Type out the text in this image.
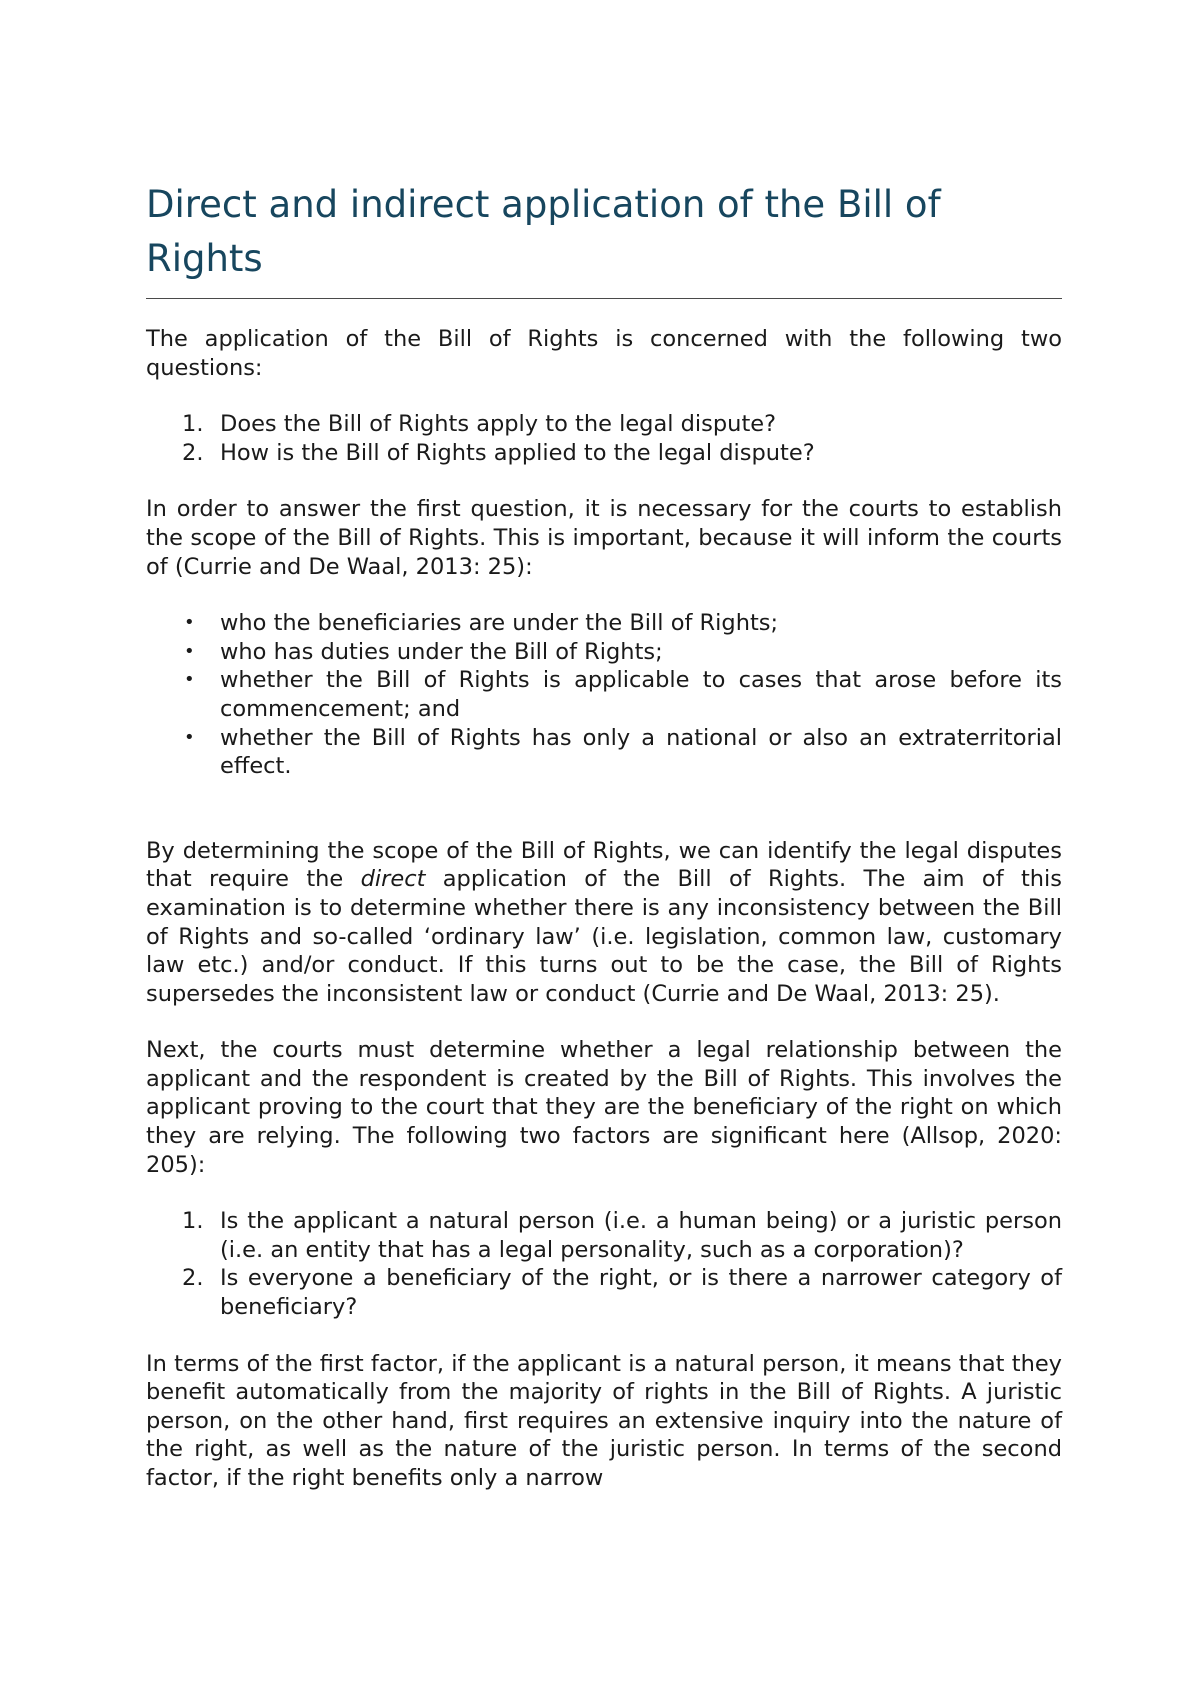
Direct and indirect application of the Bill of Rights

The application of the Bill of Rights is concerned with the following two questions:

1. Does the Bill of Rights apply to the legal dispute?
2. How is the Bill of Rights applied to the legal dispute?

In order to answer the first question, it is necessary for the courts to establish the scope of the Bill of Rights. This is important, because it will inform the courts of (Currie and De Waal, 2013: 25):

• who the beneficiaries are under the Bill of Rights;
• who has duties under the Bill of Rights;
• whether the Bill of Rights is applicable to cases that arose before its commencement; and
• whether the Bill of Rights has only a national or also an extraterritorial effect.

By determining the scope of the Bill of Rights, we can identify the legal disputes that require the direct application of the Bill of Rights. The aim of this examination is to determine whether there is any inconsistency between the Bill of Rights and so-called ‘ordinary law’ (i.e. legislation, common law, customary law etc.) and/or conduct. If this turns out to be the case, the Bill of Rights supersedes the inconsistent law or conduct (Currie and De Waal, 2013: 25).

Next, the courts must determine whether a legal relationship between the applicant and the respondent is created by the Bill of Rights. This involves the applicant proving to the court that they are the beneficiary of the right on which they are relying. The following two factors are significant here (Allsop, 2020: 205):

1. Is the applicant a natural person (i.e. a human being) or a juristic person (i.e. an entity that has a legal personality, such as a corporation)?
2. Is everyone a beneficiary of the right, or is there a narrower category of beneficiary?

In terms of the first factor, if the applicant is a natural person, it means that they benefit automatically from the majority of rights in the Bill of Rights. A juristic person, on the other hand, first requires an extensive inquiry into the nature of the right, as well as the nature of the juristic person. In terms of the second factor, if the right benefits only a narrow
